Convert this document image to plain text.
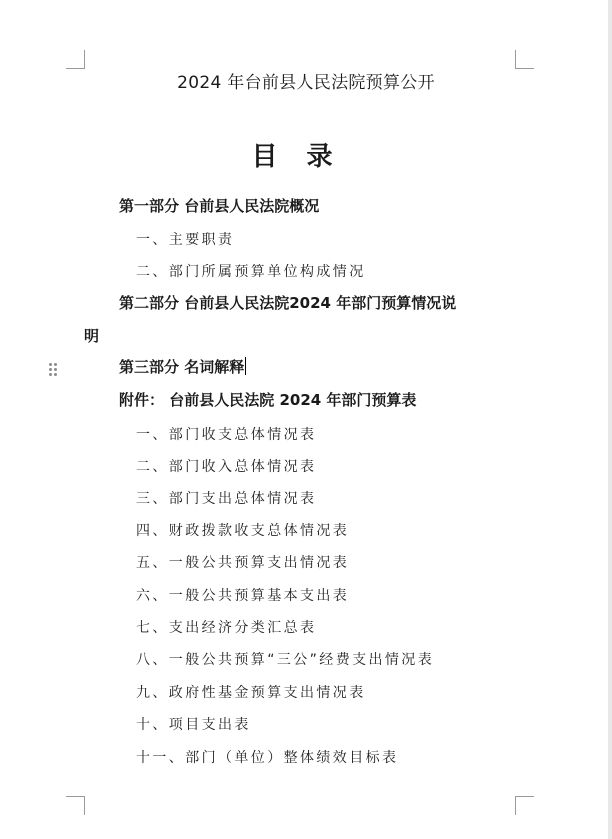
2024 年台前县人民法院预算公开
目 录
第一部分 台前县人民法院概况
一、主要职责
二、部门所属预算单位构成情况
第二部分 台前县人民法院2024 年部门预算情况说
明
第三部分 名词解释
附件： 台前县人民法院 2024 年部门预算表
一、部门收支总体情况表
二、部门收入总体情况表
三、部门支出总体情况表
四、财政拨款收支总体情况表
五、一般公共预算支出情况表
六、一般公共预算基本支出表
七、支出经济分类汇总表
八、一般公共预算“三公”经费支出情况表
九、政府性基金预算支出情况表
十、项目支出表
十一、部门（单位）整体绩效目标表
